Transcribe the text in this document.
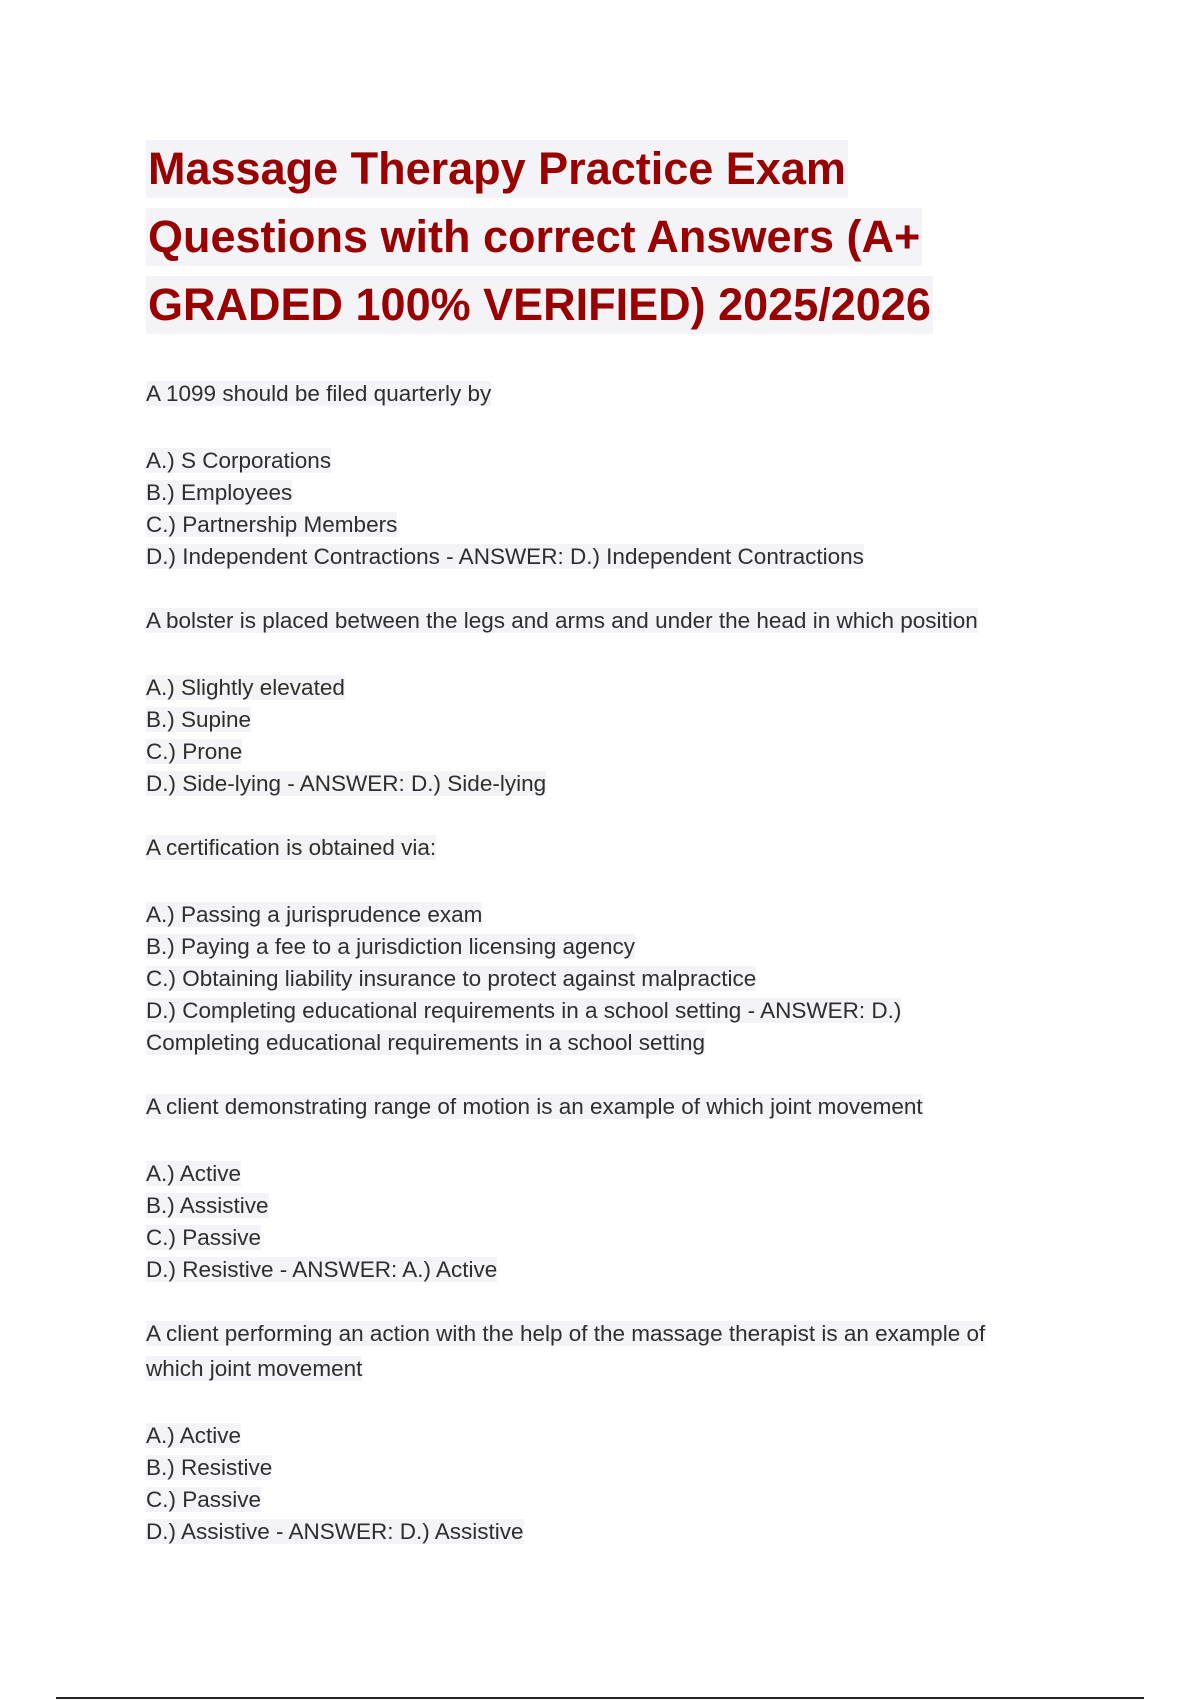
Massage Therapy Practice Exam
Questions with correct Answers (A+
GRADED 100% VERIFIED) 2025/2026
A 1099 should be filed quarterly by
A.) S Corporations
B.) Employees
C.) Partnership Members
D.) Independent Contractions - ANSWER: D.) Independent Contractions
A bolster is placed between the legs and arms and under the head in which position
A.) Slightly elevated
B.) Supine
C.) Prone
D.) Side-lying - ANSWER: D.) Side-lying
A certification is obtained via:
A.) Passing a jurisprudence exam
B.) Paying a fee to a jurisdiction licensing agency
C.) Obtaining liability insurance to protect against malpractice
D.) Completing educational requirements in a school setting - ANSWER: D.)
Completing educational requirements in a school setting
A client demonstrating range of motion is an example of which joint movement
A.) Active
B.) Assistive
C.) Passive
D.) Resistive - ANSWER: A.) Active
A client performing an action with the help of the massage therapist is an example of
which joint movement
A.) Active
B.) Resistive
C.) Passive
D.) Assistive - ANSWER: D.) Assistive
